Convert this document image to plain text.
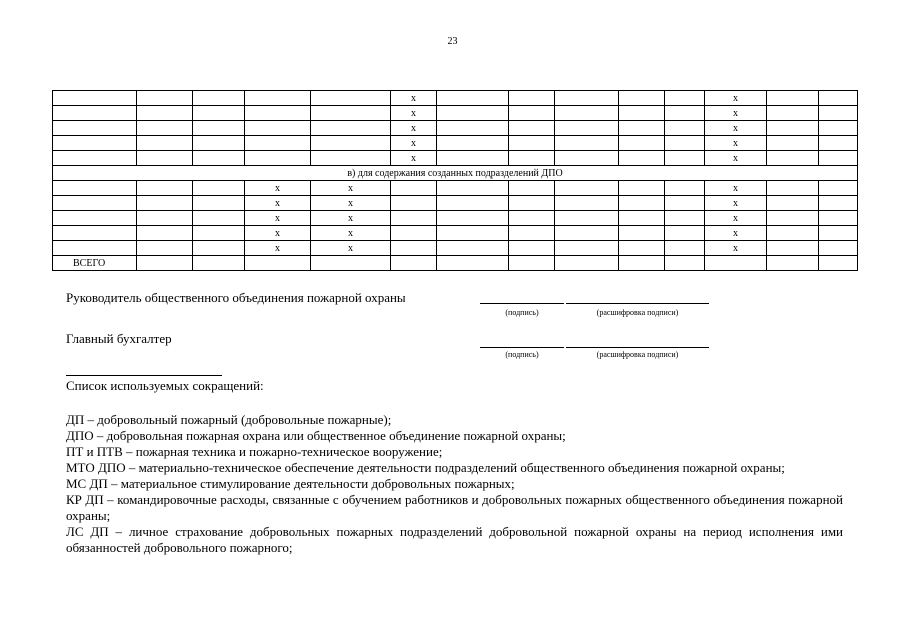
23
					х						х		
					х						х		
					х						х		
					х						х		
					х						х		
в) для содержания созданных подразделений ДПО													
			х	х							х		
			х	х							х		
			х	х							х		
			х	х							х		
			х	х							х		
ВСЕГО													
Руководитель общественного объединения пожарной охраны
(подпись)	(расшифровка подписи)
Главный бухгалтер
(подпись)	(расшифровка подписи)
Список используемых сокращений:
ДП – добровольный пожарный (добровольные пожарные);
ДПО – добровольная пожарная охрана или общественное объединение пожарной охраны;
ПТ и ПТВ – пожарная техника и пожарно-техническое вооружение;
МТО ДПО – материально-техническое обеспечение деятельности подразделений общественного объединения пожарной охраны;
МС ДП – материальное стимулирование деятельности добровольных пожарных;
КР ДП – командировочные расходы, связанные с обучением работников и добровольных пожарных общественного объединения пожарной охраны;
ЛС ДП – личное страхование добровольных пожарных подразделений добровольной пожарной охраны на период исполнения ими обязанностей добровольного пожарного;
